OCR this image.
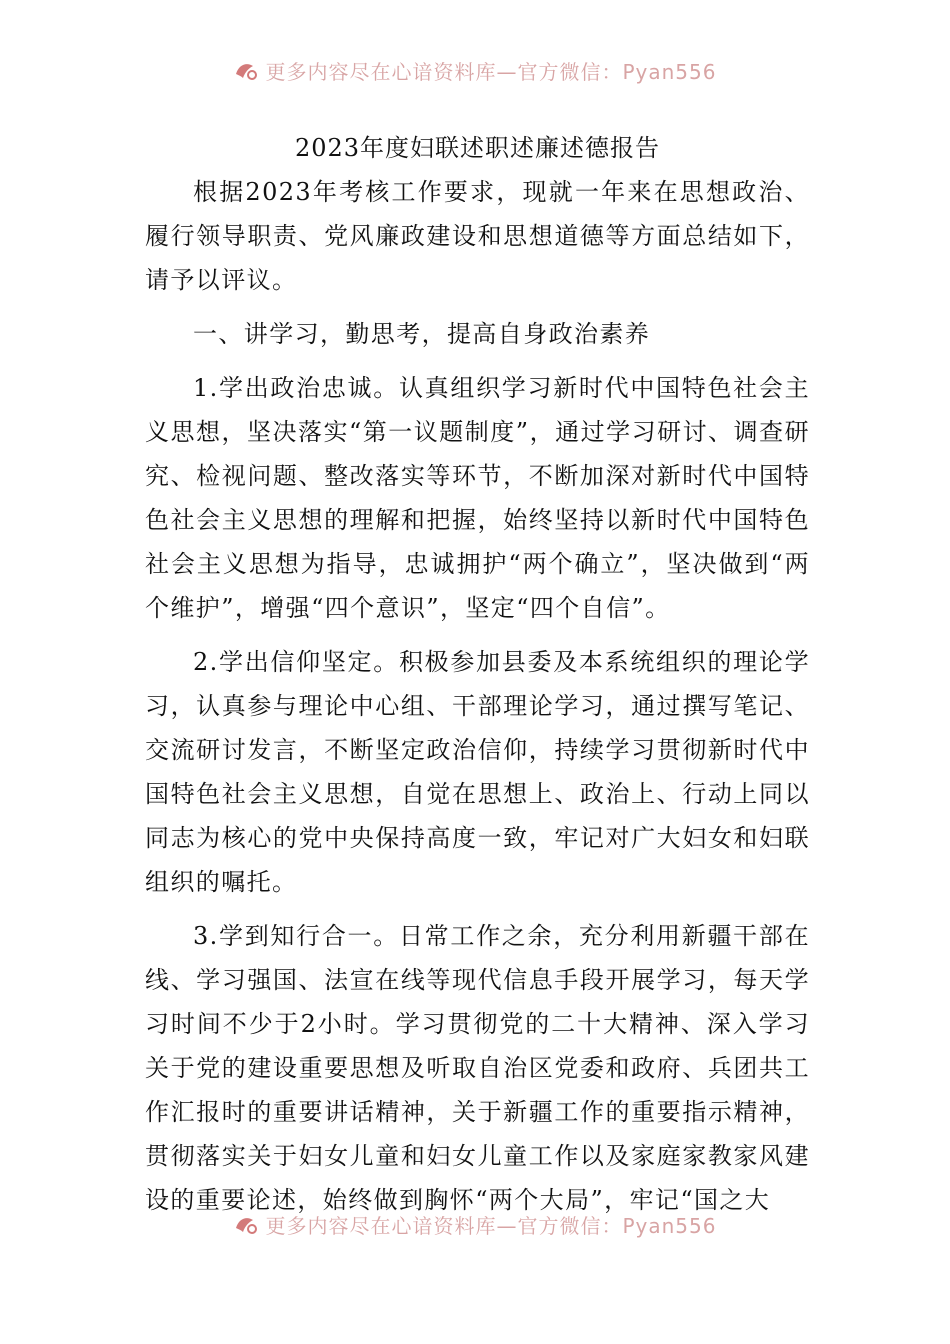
更多内容尽在心谙资料库—官方微信：Pyan556
2023年度妇联述职述廉述德报告

根据2023年考核工作要求，现就一年来在思想政治、履行领导职责、党风廉政建设和思想道德等方面总结如下，请予以评议。

一、讲学习，勤思考，提高自身政治素养

1.学出政治忠诚。认真组织学习新时代中国特色社会主义思想，坚决落实“第一议题制度”，通过学习研讨、调查研究、检视问题、整改落实等环节，不断加深对新时代中国特色社会主义思想的理解和把握，始终坚持以新时代中国特色社会主义思想为指导，忠诚拥护“两个确立”，坚决做到“两个维护”，增强“四个意识”，坚定“四个自信”。

2.学出信仰坚定。积极参加县委及本系统组织的理论学习，认真参与理论中心组、干部理论学习，通过撰写笔记、交流研讨发言，不断坚定政治信仰，持续学习贯彻新时代中国特色社会主义思想，自觉在思想上、政治上、行动上同以同志为核心的党中央保持高度一致，牢记对广大妇女和妇联组织的嘱托。

3.学到知行合一。日常工作之余，充分利用新疆干部在线、学习强国、法宣在线等现代信息手段开展学习，每天学习时间不少于2小时。学习贯彻党的二十大精神、深入学习关于党的建设重要思想及听取自治区党委和政府、兵团共工作汇报时的重要讲话精神，关于新疆工作的重要指示精神，贯彻落实关于妇女儿童和妇女儿童工作以及家庭家教家风建设的重要论述，始终做到胸怀“两个大局”，牢记“国之大

更多内容尽在心谙资料库—官方微信：Pyan556
